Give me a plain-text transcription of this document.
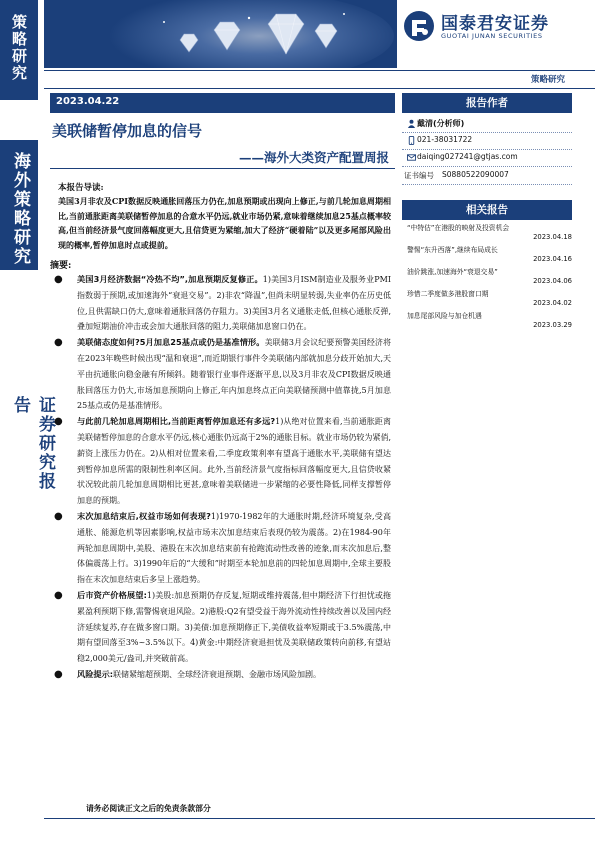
策略研究
海外策略研究
证券研究报告
国泰君安证券
GUOTAI JUNAN SECURITIES
策略研究
2023.04.22
美联储暂停加息的信号
——海外大类资产配置周报
本报告导读:
美国3月非农及CPI数据反映通胀回落压力仍在,加息预期或出现向上修正,与前几轮加息周期相比,当前通胀距离美联储暂停加息的合意水平仍远,就业市场仍紧,意味着继续加息25基点概率较高,但当前经济景气度回落幅度更大,且信贷更为紧缩,加大了经济“硬着陆”以及更多尾部风险出现的概率,暂停加息时点或提前。
摘要:
● 美国3月经济数据“冷热不均”,加息预期反复修正。1)美国3月ISM制造业及服务业PMI指数弱于预期,或加速海外“衰退交易”。2)非农“降温”,但尚未明显转弱,失业率仍在历史低位,且供需缺口仍大,意味着通胀回落仍存阻力。3)美国3月名义通胀走低,但核心通胀反弹,叠加短期油价冲击或会加大通胀回落的阻力,美联储加息窗口仍在。
● 美联储态度如何?5月加息25基点或仍是基准情形。美联储3月会议纪要预警美国经济将在2023年晚些时候出现“温和衰退”,而近期银行事件令美联储内部就加息分歧开始加大,天平由抗通胀向稳金融有所倾斜。随着银行业事件逐渐平息,以及3月非农及CPI数据反映通胀回落压力仍大,市场加息预期向上修正,年内加息终点正向美联储预测中值靠拢,5月加息25基点或仍是基准情形。
● 与此前几轮加息周期相比,当前距离暂停加息还有多远?1)从绝对位置来看,当前通胀距离美联储暂停加息的合意水平仍远,核心通胀仍远高于2%的通胀目标。就业市场仍较为紧俏,薪资上涨压力仍在。2)从相对位置来看,二季度政策利率有望高于通胀水平,美联储有望达到暂停加息所需的限制性利率区间。此外,当前经济景气度指标回落幅度更大,且信贷收紧状况较此前几轮加息周期相比更甚,意味着美联储进一步紧缩的必要性降低,同样支撑暂停加息的预期。
● 末次加息结束后,权益市场如何表现?1)1970-1982年的大通胀时期,经济环境复杂,受高通胀、能源危机等因素影响,权益市场末次加息结束后表现仍较为震荡。2)在1984-90年两轮加息周期中,美股、港股在末次加息结束前有抢跑流动性改善的迹象,而末次加息后,整体偏震荡上行。3)1990年后的“大缓和”时期至本轮加息前的四轮加息周期中,全球主要股指在末次加息结束后多呈上涨趋势。
● 后市资产价格展望:1)美股:加息预期仍存反复,短期或维持震荡,但中期经济下行担忧或拖累盈利预期下修,需警惕衰退风险。2)港股:Q2有望受益于海外流动性持续改善以及国内经济延续复苏,存在做多窗口期。3)美债:加息预期修正下,美债收益率短期或于3.5%震荡,中期有望回落至3%~3.5%以下。4)黄金:中期经济衰退担忧及美联储政策转向前移,有望站稳2,000美元/盎司,并突破前高。
● 风险提示:联储紧缩超预期、全球经济衰退预期、金融市场风险加剧。
报告作者
戴清(分析师)
021-38031722
daiqing027241@gtjas.com
证书编号 S0880522090007
相关报告
“中特估”在港股的映射及投资机会
2023.04.18
警惕“东升西落”,继续布局成长
2023.04.16
油价跳涨,加速海外“衰退交易”
2023.04.06
珍惜二季度做多港股窗口期
2023.04.02
加息尾部风险与加仓机遇
2023.03.29
请务必阅读正文之后的免责条款部分
